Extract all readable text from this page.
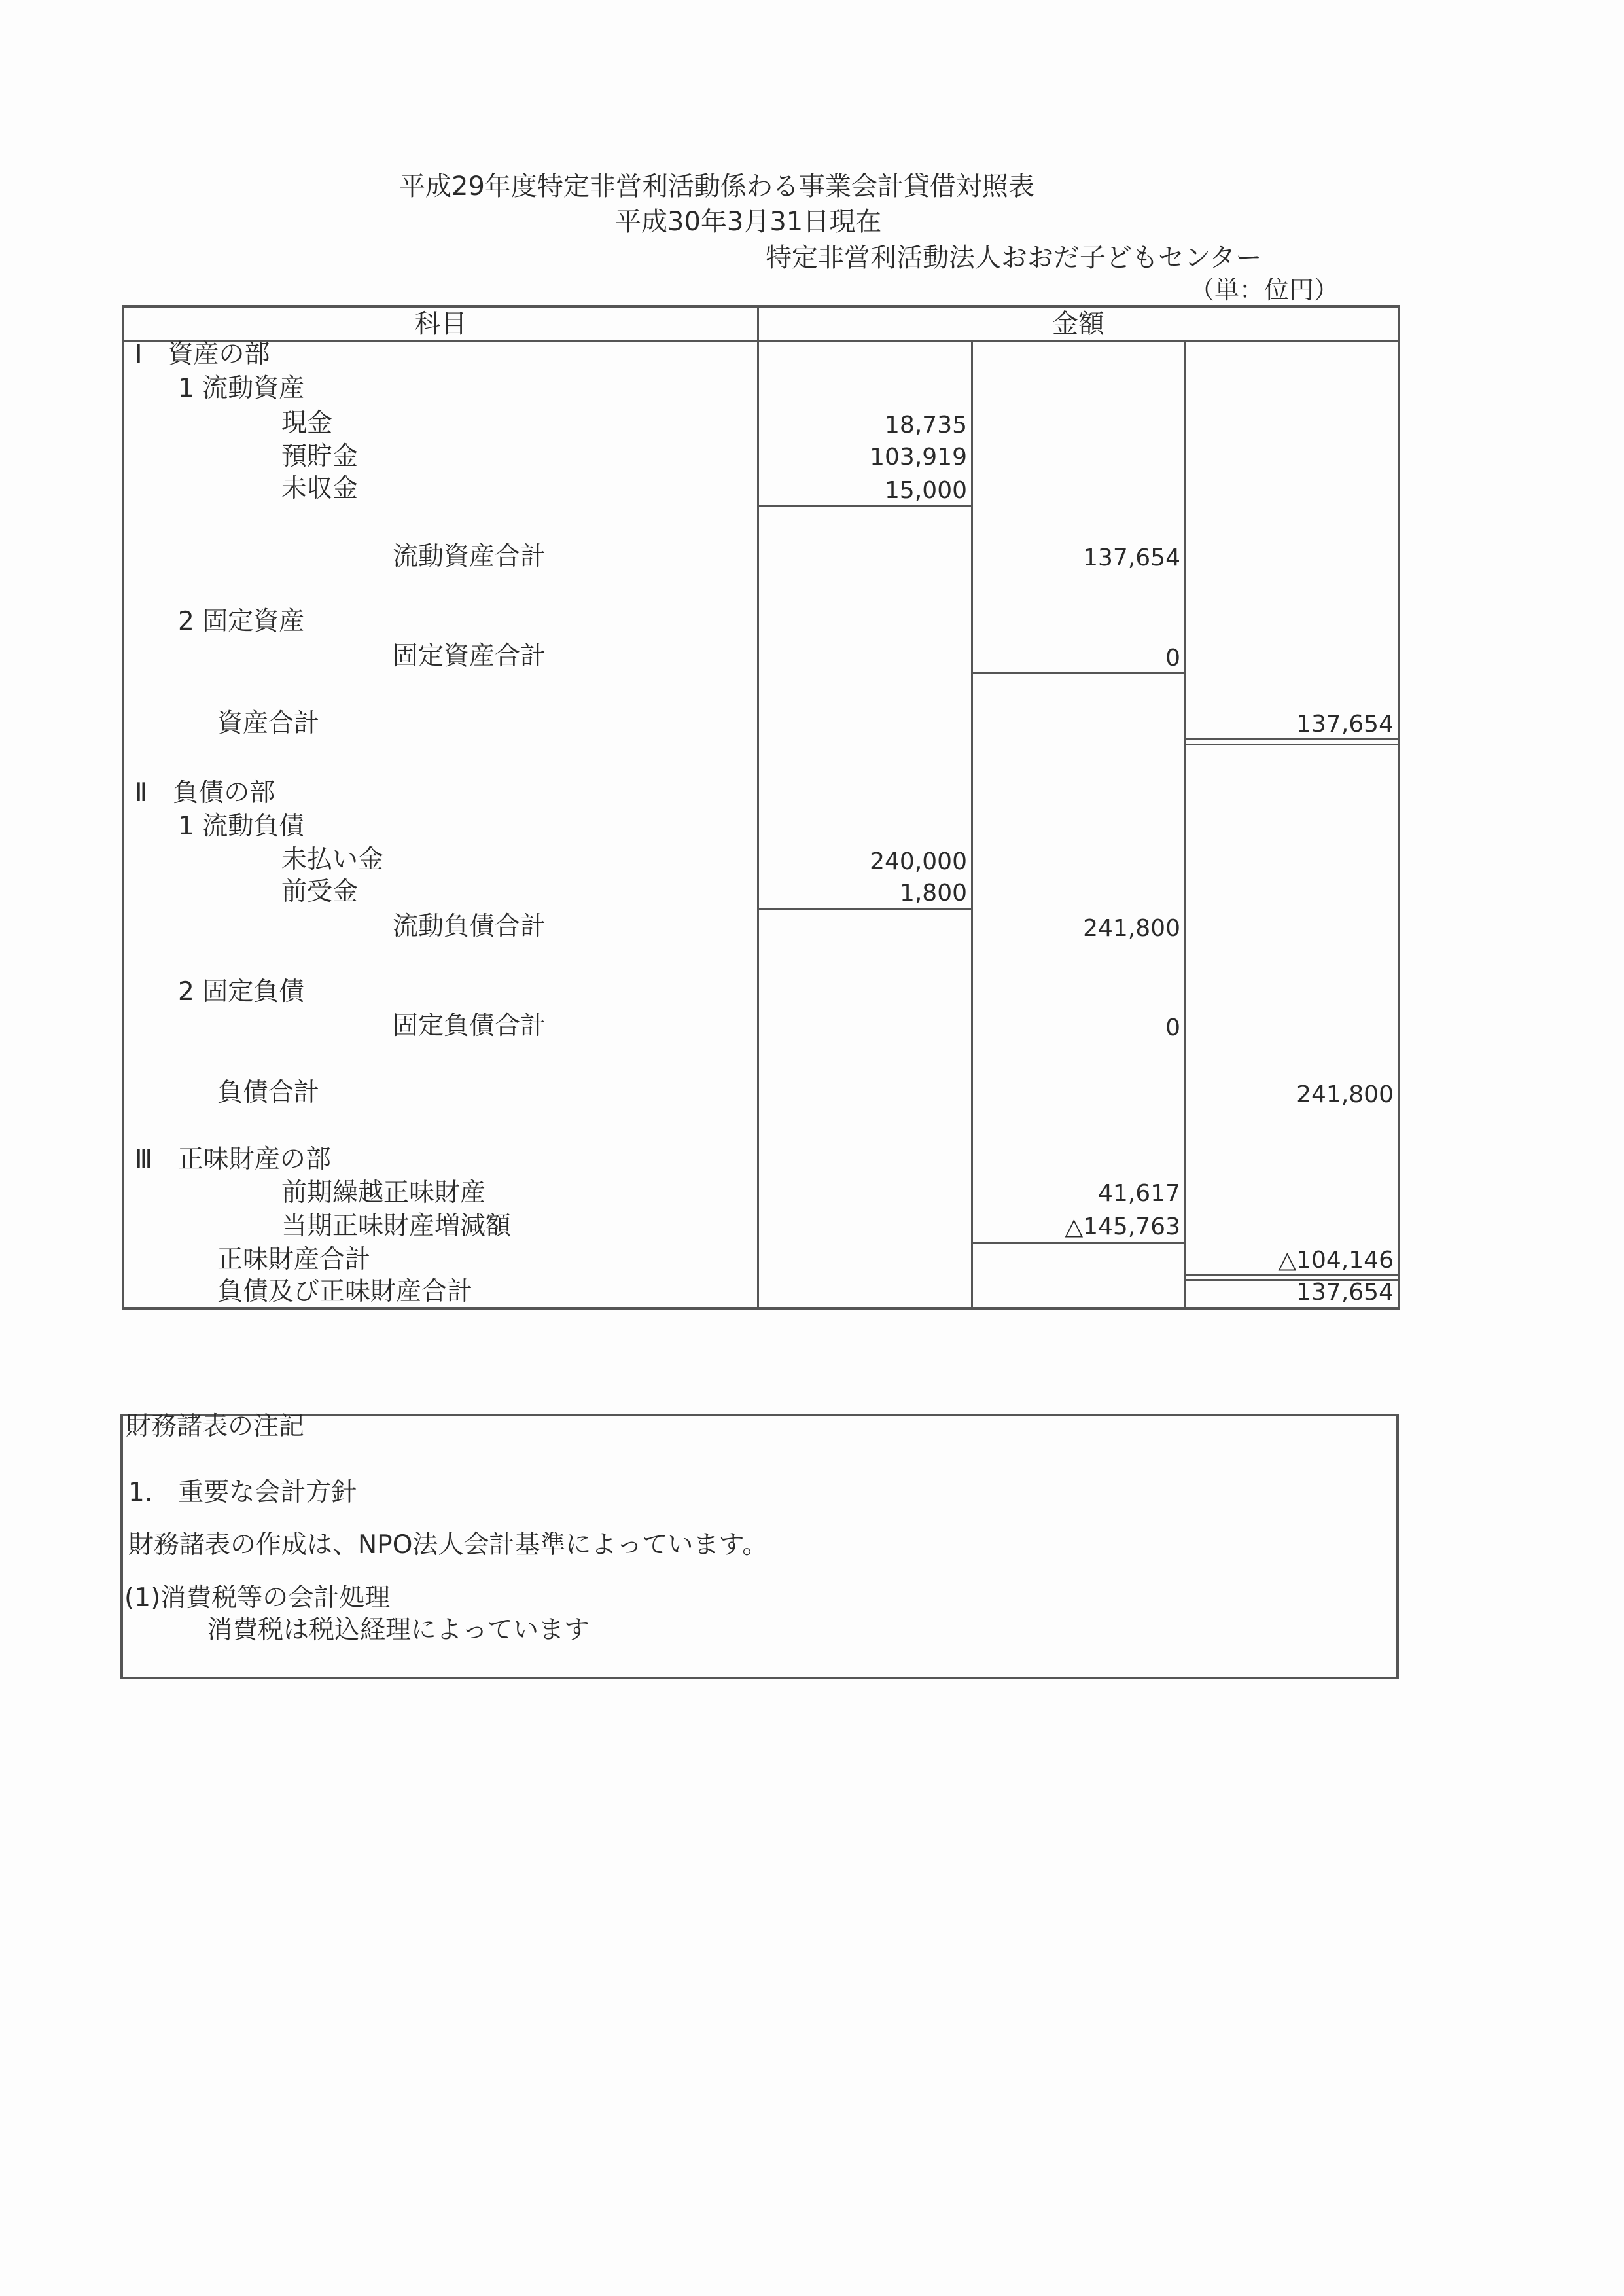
平成29年度特定非営利活動係わる事業会計貸借対照表
平成30年3月31日現在
特定非営利活動法人おおだ子どもセンター
（単：位円）
科目	金額
Ⅰ　資産の部
1 流動資産
現金	18,735
預貯金	103,919
未収金	15,000
流動資産合計	137,654
2 固定資産
固定資産合計	0
資産合計	137,654
Ⅱ　負債の部
1 流動負債
未払い金	240,000
前受金	1,800
流動負債合計	241,800
2 固定負債
固定負債合計	0
負債合計	241,800
Ⅲ　正味財産の部
前期繰越正味財産	41,617
当期正味財産増減額	△145,763
正味財産合計	△104,146
負債及び正味財産合計	137,654
財務諸表の注記
1.　重要な会計方針
財務諸表の作成は、NPO法人会計基準によっています。
(1)消費税等の会計処理
消費税は税込経理によっています
